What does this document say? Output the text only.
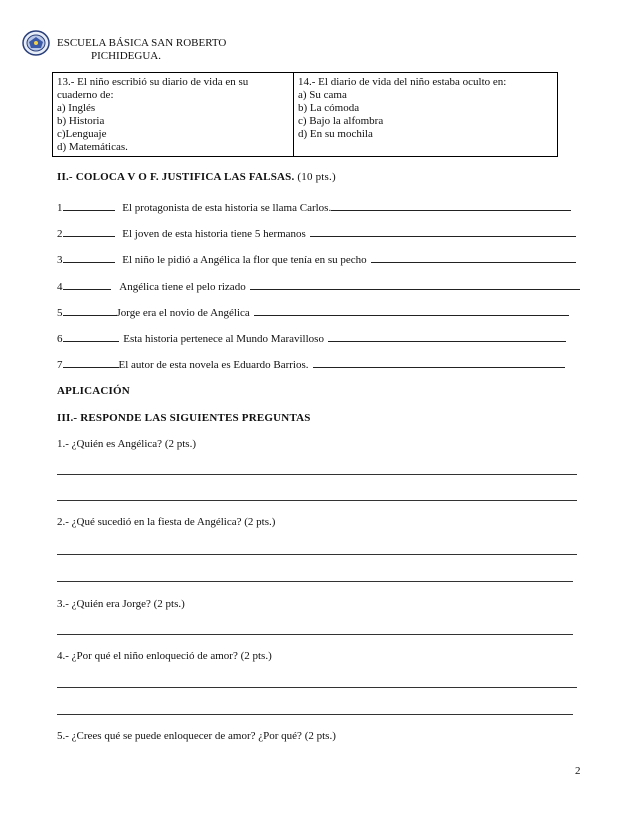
ESCUELA BÁSICA SAN ROBERTO
PICHIDEGUA.
13.- El niño escribió su diario de vida en su
cuaderno de:
a) Inglés
b) Historia
c)Lenguaje
d) Matemáticas.

14.- El diario de vida del niño estaba oculto en:
a) Su cama
b) La cómoda
c) Bajo la alfombra
d) En su mochila
II.- COLOCA V O F. JUSTIFICA LAS FALSAS. (10 pts.)
1	El protagonista de esta historia se llama Carlos.
2	El joven de esta historia tiene 5 hermanos
3	El niño le pidió a Angélica la flor que tenía en su pecho
4	Angélica tiene el pelo rizado
5	Jorge era el novio de Angélica
6	Esta historia pertenece al Mundo Maravilloso
7	El autor de esta novela es Eduardo Barrios.
APLICACIÓN
III.- RESPONDE LAS SIGUIENTES PREGUNTAS
1.- ¿Quién es Angélica? (2 pts.)
2.- ¿Qué sucedió en la fiesta de Angélica? (2 pts.)
3.- ¿Quién era Jorge? (2 pts.)
4.- ¿Por qué el niño enloqueció de amor? (2 pts.)
5.- ¿Crees qué se puede enloquecer de amor? ¿Por qué? (2 pts.)
2
